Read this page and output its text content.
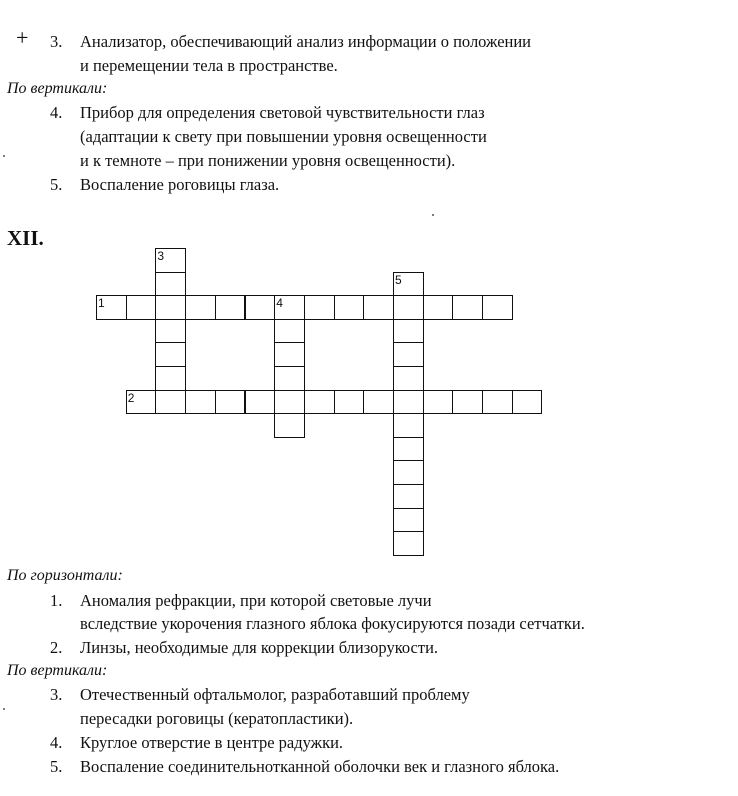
+ 3. Анализатор, обеспечивающий анализ информации о положении
и перемещении тела в пространстве.
По вертикали:
4. Прибор для определения световой чувствительности глаз
(адаптации к свету при повышении уровня освещенности
и к темноте – при понижении уровня освещенности).
5. Воспаление роговицы глаза.
XII.
1
2
3
4
5
По горизонтали:
1. Аномалия рефракции, при которой световые лучи
вследствие укорочения глазного яблока фокусируются позади сетчатки.
2. Линзы, необходимые для коррекции близорукости.
По вертикали:
3. Отечественный офтальмолог, разработавший проблему
пересадки роговицы (кератопластики).
4. Круглое отверстие в центре радужки.
5. Воспаление соединительнотканной оболочки век и глазного яблока.
